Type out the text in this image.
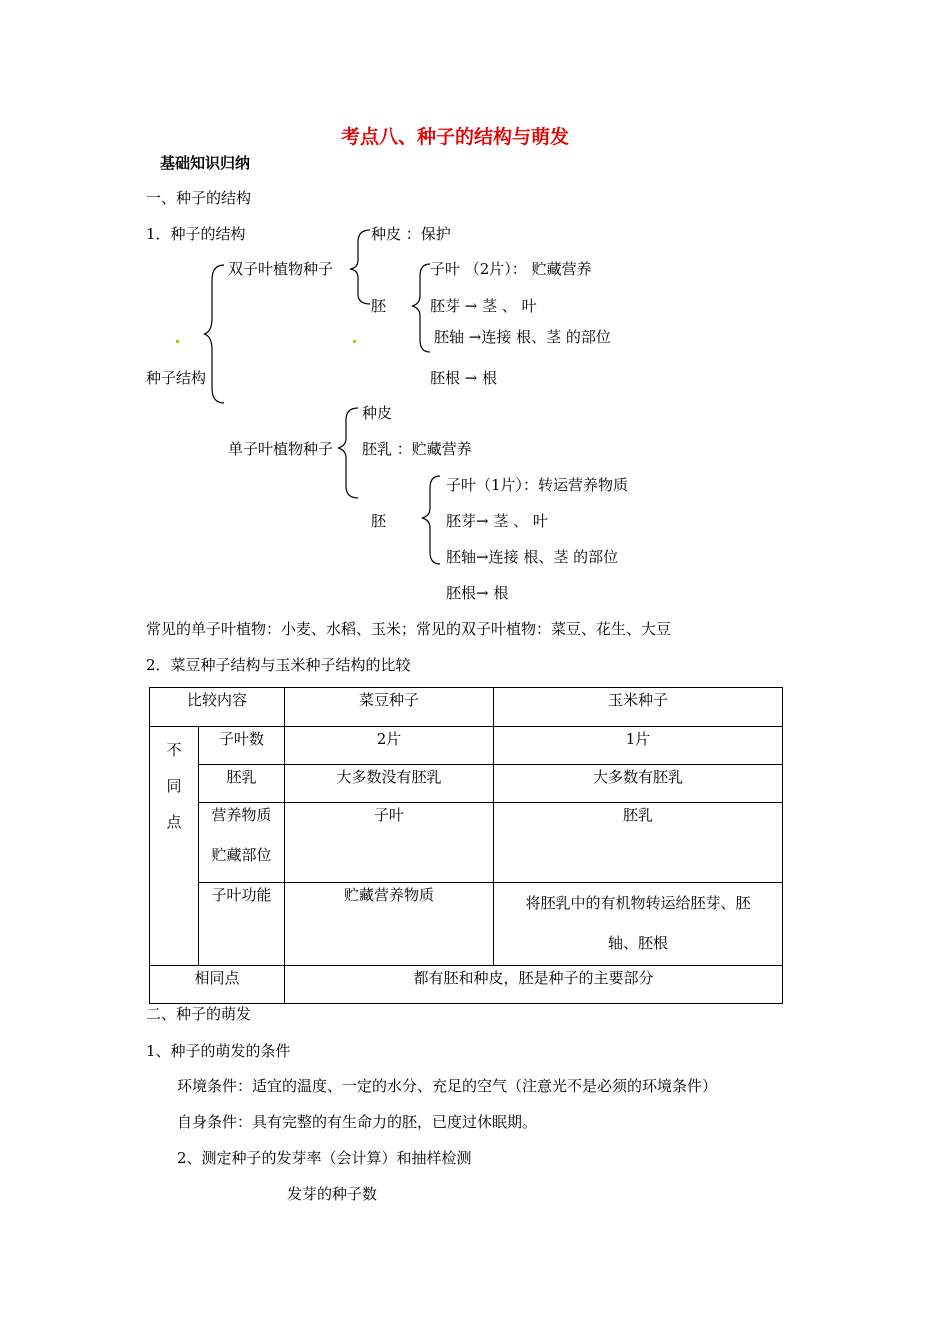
考点八、种子的结构与萌发
基础知识归纳
一、种子的结构
1．种子的结构
种子结构
双子叶植物种子
种皮 ：保护
胚
子叶 （2片）： 贮藏营养
胚芽 → 茎 、 叶
胚轴 →连接 根、茎 的部位
胚根 → 根
单子叶植物种子
种皮
胚乳 ：贮藏营养
胚
子叶（1片）：转运营养物质
胚芽→ 茎 、 叶
胚轴→连接 根、茎 的部位
胚根→ 根
常见的单子叶植物：小麦、水稻、玉米；常见的双子叶植物：菜豆、花生、大豆
2．菜豆种子结构与玉米种子结构的比较
比较内容		菜豆种子	玉米种子
不

同

点	子叶数	2片	1片
	胚乳	大多数没有胚乳	大多数有胚乳
	营养物质

贮藏部位	子叶	胚乳
	子叶功能	贮藏营养物质	将胚乳中的有机物转运给胚芽、胚
轴、胚根
相同点		都有胚和种皮，胚是种子的主要部分	
二、种子的萌发
1、种子的萌发的条件
环境条件：适宜的温度、一定的水分、充足的空气（注意光不是必须的环境条件）
自身条件：具有完整的有生命力的胚，已度过休眠期。
2、测定种子的发芽率（会计算）和抽样检测
发芽的种子数
